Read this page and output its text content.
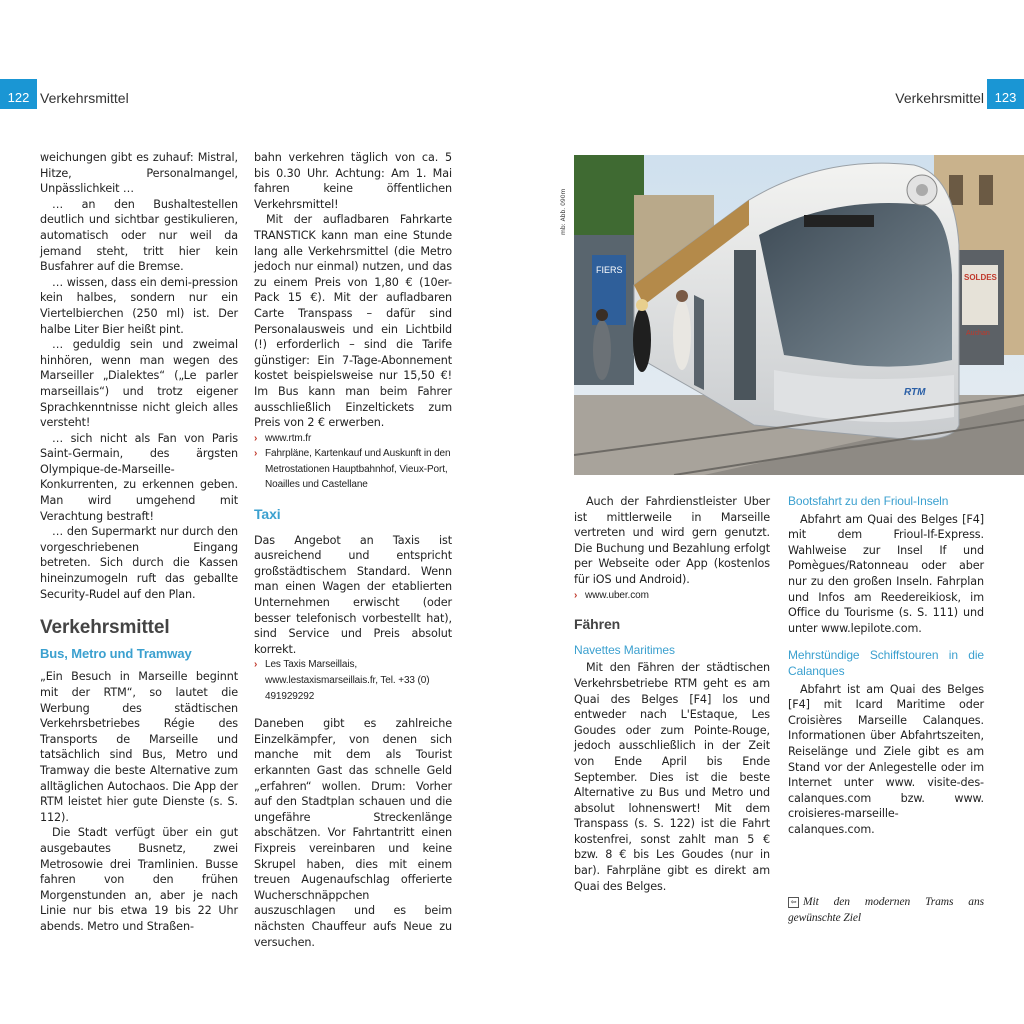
122 Verkehrsmittel	Verkehrsmittel 123

weichungen gibt es zuhauf: Mistral, Hitze, Personalmangel, Unpässlichkeit …

… an den Bushaltestellen deutlich und sichtbar gestikulieren, automatisch oder nur weil da jemand steht, tritt hier kein Busfahrer auf die Bremse.

… wissen, dass ein demi-pression kein halbes, sondern nur ein Viertelbierchen (250 ml) ist. Der halbe Liter Bier heißt pint.

… geduldig sein und zweimal hinhören, wenn man wegen des Marseiller „Dialektes“ („Le parler marseillais“) und trotz eigener Sprachkenntnisse nicht gleich alles versteht!

… sich nicht als Fan von Paris Saint-Germain, des ärgsten Olympique-de-Marseille-Konkurrenten, zu erkennen geben. Man wird umgehend mit Verachtung bestraft!

… den Supermarkt nur durch den vorgeschriebenen Eingang betreten. Sich durch die Kassen hineinzumogeln ruft das geballte Security-Rudel auf den Plan.

Verkehrsmittel
Bus, Metro und Tramway

„Ein Besuch in Marseille beginnt mit der RTM“, so lautet die Werbung des städtischen Verkehrsbetriebes Régie des Transports de Marseille und tatsächlich sind Bus, Metro und Tramway die beste Alternative zum alltäglichen Autochaos. Die App der RTM leistet hier gute Dienste (s. S. 112).

Die Stadt verfügt über ein gut ausgebautes Busnetz, zwei Metrosowie drei Tramlinien. Busse fahren von den frühen Morgenstunden an, aber je nach Linie nur bis etwa 19 bis 22 Uhr abends. Metro und Straßen-

bahn verkehren täglich von ca. 5 bis 0.30 Uhr. Achtung: Am 1. Mai fahren keine öffentlichen Verkehrsmittel!

Mit der aufladbaren Fahrkarte TRANSTICK kann man eine Stunde lang alle Verkehrsmittel (die Metro jedoch nur einmal) nutzen, und das zu einem Preis von 1,80 € (10er-Pack 15 €). Mit der aufladbaren Carte Transpass – dafür sind Personalausweis und ein Lichtbild (!) erforderlich – sind die Tarife günstiger: Ein 7-Tage-Abonnement kostet beispielsweise nur 15,50 €! Im Bus kann man beim Fahrer ausschließlich Einzeltickets zum Preis von 2 € erwerben.

› www.rtm.fr
› Fahrpläne, Kartenkauf und Auskunft in den Metrostationen Hauptbahnhof, Vieux-Port, Noailles und Castellane
Taxi

Das Angebot an Taxis ist ausreichend und entspricht großstädtischem Standard. Wenn man einen Wagen der etablierten Unternehmen erwischt (oder besser telefonisch vorbestellt hat), sind Service und Preis absolut korrekt.

› Les Taxis Marseillais, www.lestaxismarseillais.fr, Tel. +33 (0) 491929292

Daneben gibt es zahlreiche Einzelkämpfer, von denen sich manche mit dem als Tourist erkannten Gast das schnelle Geld „erfahren“ wollen. Drum: Vorher auf den Stadtplan schauen und die ungefähre Streckenlänge abschätzen. Vor Fahrtantritt einen Fixpreis vereinbaren und keine Skrupel haben, dies mit einem treuen Augenaufschlag offerierte Wucherschnäppchen auszuschlagen und es beim nächsten Chauffeur aufs Neue zu versuchen.

mb: Abb. 090m
FIERS
SOLDES
Auchan
RTM

Auch der Fahrdienstleister Uber ist mittlerweile in Marseille vertreten und wird gern genutzt. Die Buchung und Bezahlung erfolgt per Webseite oder App (kostenlos für iOS und Android).

› www.uber.com
Fähren
Navettes Maritimes

Mit den Fähren der städtischen Verkehrsbetriebe RTM geht es am Quai des Belges [F4] los und entweder nach L'Estaque, Les Goudes oder zum Pointe-Rouge, jedoch ausschließlich in der Zeit von Ende April bis Ende September. Dies ist die beste Alternative zu Bus und Metro und absolut lohnenswert! Mit dem Transpass (s. S. 122) ist die Fahrt kostenfrei, sonst zahlt man 5 € bzw. 8 € bis Les Goudes (nur in bar). Fahrpläne gibt es direkt am Quai des Belges.

Bootsfahrt zu den Frioul-Inseln

Abfahrt am Quai des Belges [F4] mit dem Frioul-If-Express. Wahlweise zur Insel If und Pomègues/Ratonneau oder aber nur zu den großen Inseln. Fahrplan und Infos am Reedereikiosk, im Office du Tourisme (s. S. 111) und unter www.lepilote.com.

Mehrstündige Schiffstouren in die Calanques

Abfahrt ist am Quai des Belges [F4] mit Icard Maritime oder Croisières Marseille Calanques. Informationen über Abfahrtszeiten, Reiselänge und Ziele gibt es am Stand vor der Anlegestelle oder im Internet unter www. visite-des-calanques.com bzw. www. croisieres-marseille-calanques.com.

⇦ Mit den modernen Trams ans gewünschte Ziel
